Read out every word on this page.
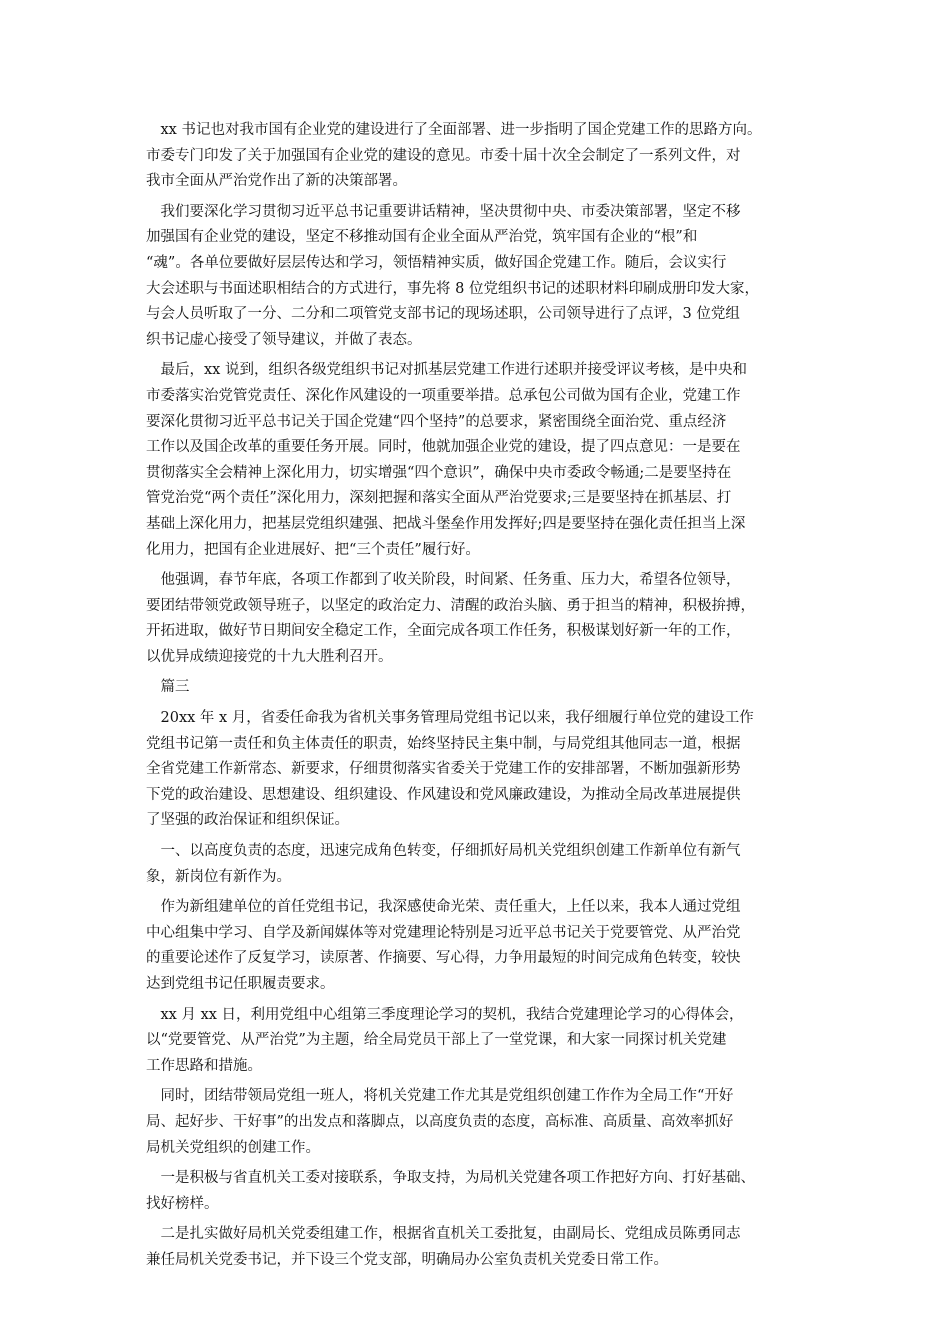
　xx 书记也对我市国有企业党的建设进行了全面部署、进一步指明了国企党建工作的思路方向。
市委专门印发了关于加强国有企业党的建设的意见。市委十届十次全会制定了一系列文件，对
我市全面从严治党作出了新的决策部署。
　我们要深化学习贯彻习近平总书记重要讲话精神，坚决贯彻中央、市委决策部署，坚定不移
加强国有企业党的建设，坚定不移推动国有企业全面从严治党，筑牢国有企业的“根”和
“魂”。各单位要做好层层传达和学习，领悟精神实质，做好国企党建工作。随后，会议实行
大会述职与书面述职相结合的方式进行，事先将 8 位党组织书记的述职材料印刷成册印发大家，
与会人员听取了一分、二分和二项管党支部书记的现场述职，公司领导进行了点评，3 位党组
织书记虚心接受了领导建议，并做了表态。
　最后，xx 说到，组织各级党组织书记对抓基层党建工作进行述职并接受评议考核，是中央和
市委落实治党管党责任、深化作风建设的一项重要举措。总承包公司做为国有企业，党建工作
要深化贯彻习近平总书记关于国企党建“四个坚持”的总要求，紧密围绕全面治党、重点经济
工作以及国企改革的重要任务开展。同时，他就加强企业党的建设，提了四点意见：一是要在
贯彻落实全会精神上深化用力，切实增强“四个意识”，确保中央市委政令畅通;二是要坚持在
管党治党“两个责任”深化用力，深刻把握和落实全面从严治党要求;三是要坚持在抓基层、打
基础上深化用力，把基层党组织建强、把战斗堡垒作用发挥好;四是要坚持在强化责任担当上深
化用力，把国有企业进展好、把“三个责任”履行好。
　他强调，春节年底，各项工作都到了收关阶段，时间紧、任务重、压力大，希望各位领导，
要团结带领党政领导班子，以坚定的政治定力、清醒的政治头脑、勇于担当的精神，积极拚搏，
开拓进取，做好节日期间安全稳定工作，全面完成各项工作任务，积极谋划好新一年的工作，
以优异成绩迎接党的十九大胜利召开。
　篇三
　20xx 年 x 月，省委任命我为省机关事务管理局党组书记以来，我仔细履行单位党的建设工作
党组书记第一责任和负主体责任的职责，始终坚持民主集中制，与局党组其他同志一道，根据
全省党建工作新常态、新要求，仔细贯彻落实省委关于党建工作的安排部署，不断加强新形势
下党的政治建设、思想建设、组织建设、作风建设和党风廉政建设，为推动全局改革进展提供
了坚强的政治保证和组织保证。
　一、以高度负责的态度，迅速完成角色转变，仔细抓好局机关党组织创建工作新单位有新气
象，新岗位有新作为。
　作为新组建单位的首任党组书记，我深感使命光荣、责任重大，上任以来，我本人通过党组
中心组集中学习、自学及新闻媒体等对党建理论特别是习近平总书记关于党要管党、从严治党
的重要论述作了反复学习，读原著、作摘要、写心得，力争用最短的时间完成角色转变，较快
达到党组书记任职履责要求。
　xx 月 xx 日，利用党组中心组第三季度理论学习的契机，我结合党建理论学习的心得体会，
以“党要管党、从严治党”为主题，给全局党员干部上了一堂党课，和大家一同探讨机关党建
工作思路和措施。
　同时，团结带领局党组一班人，将机关党建工作尤其是党组织创建工作作为全局工作“开好
局、起好步、干好事”的出发点和落脚点，以高度负责的态度，高标准、高质量、高效率抓好
局机关党组织的创建工作。
　一是积极与省直机关工委对接联系，争取支持，为局机关党建各项工作把好方向、打好基础、
找好榜样。
　二是扎实做好局机关党委组建工作，根据省直机关工委批复，由副局长、党组成员陈勇同志
兼任局机关党委书记，并下设三个党支部，明确局办公室负责机关党委日常工作。
